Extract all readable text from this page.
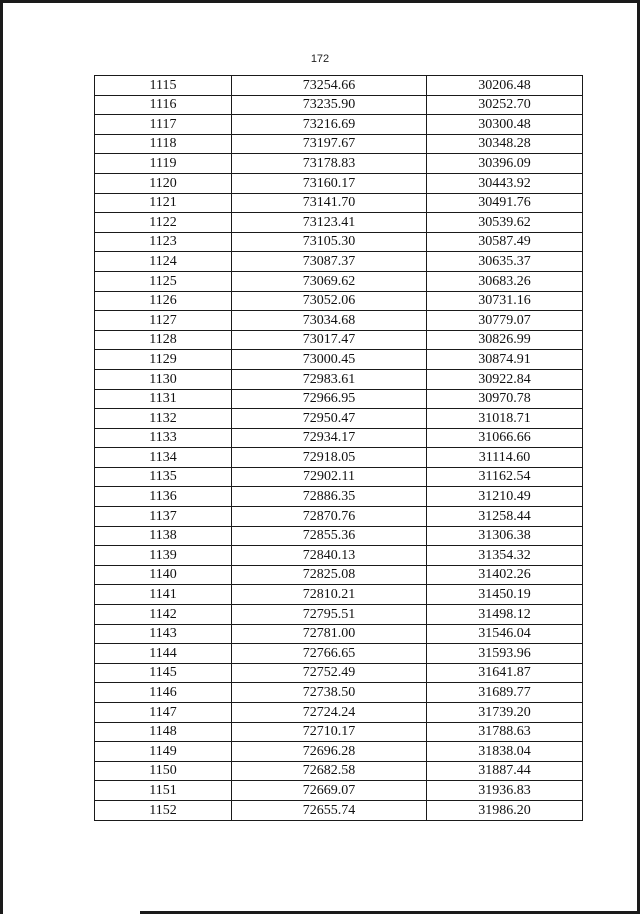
172
1115	73254.66	30206.48
1116	73235.90	30252.70
1117	73216.69	30300.48
1118	73197.67	30348.28
1119	73178.83	30396.09
1120	73160.17	30443.92
1121	73141.70	30491.76
1122	73123.41	30539.62
1123	73105.30	30587.49
1124	73087.37	30635.37
1125	73069.62	30683.26
1126	73052.06	30731.16
1127	73034.68	30779.07
1128	73017.47	30826.99
1129	73000.45	30874.91
1130	72983.61	30922.84
1131	72966.95	30970.78
1132	72950.47	31018.71
1133	72934.17	31066.66
1134	72918.05	31114.60
1135	72902.11	31162.54
1136	72886.35	31210.49
1137	72870.76	31258.44
1138	72855.36	31306.38
1139	72840.13	31354.32
1140	72825.08	31402.26
1141	72810.21	31450.19
1142	72795.51	31498.12
1143	72781.00	31546.04
1144	72766.65	31593.96
1145	72752.49	31641.87
1146	72738.50	31689.77
1147	72724.24	31739.20
1148	72710.17	31788.63
1149	72696.28	31838.04
1150	72682.58	31887.44
1151	72669.07	31936.83
1152	72655.74	31986.20
